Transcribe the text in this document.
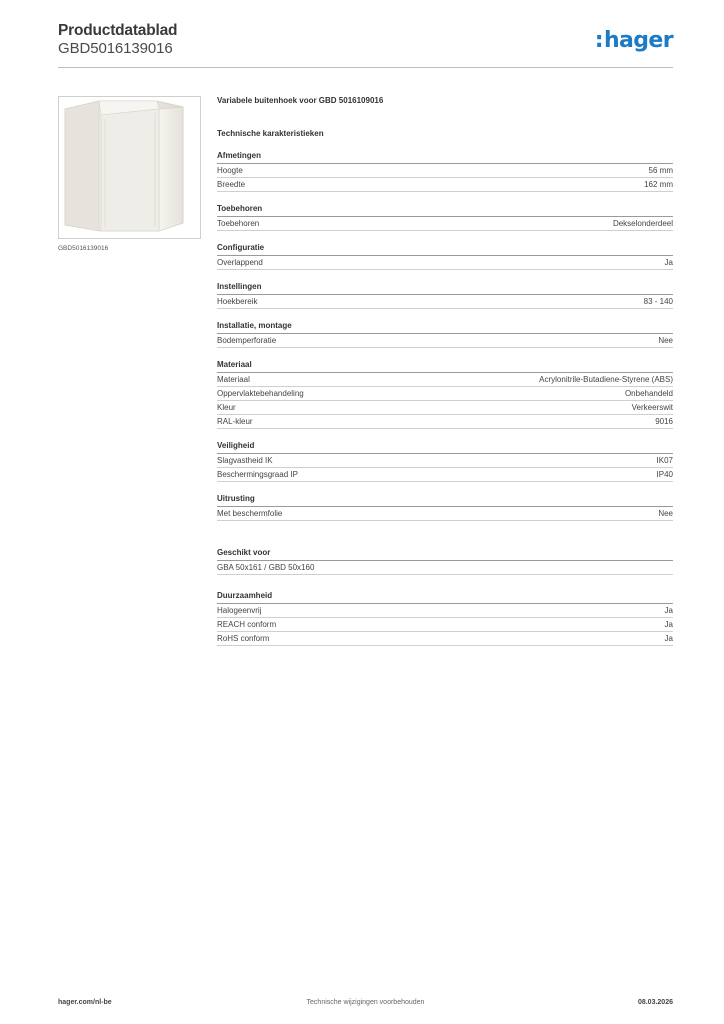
Productdatablad
GBD5016139016	:hager
GBD5016139016
Variabele buitenhoek voor GBD 5016109016
Technische karakteristieken
Afmetingen
Hoogte	56 mm
Breedte	162 mm
Toebehoren
Toebehoren	Dekselonderdeel
Configuratie
Overlappend	Ja
Instellingen
Hoekbereik	83 - 140
Installatie, montage
Bodemperforatie	Nee
Materiaal
Materiaal	Acrylonitrile-Butadiene-Styrene (ABS)
Oppervlaktebehandeling	Onbehandeld
Kleur	Verkeerswit
RAL-kleur	9016
Veiligheid
Slagvastheid IK	IK07
Beschermingsgraad IP	IP40
Uitrusting
Met beschermfolie	Nee
Geschikt voor
GBA 50x161 / GBD 50x160
Duurzaamheid
Halogeenvrij	Ja
REACH conform	Ja
RoHS conform	Ja
Technische wijzigingen voorbehouden
hager.com/nl-be	08.03.2026
